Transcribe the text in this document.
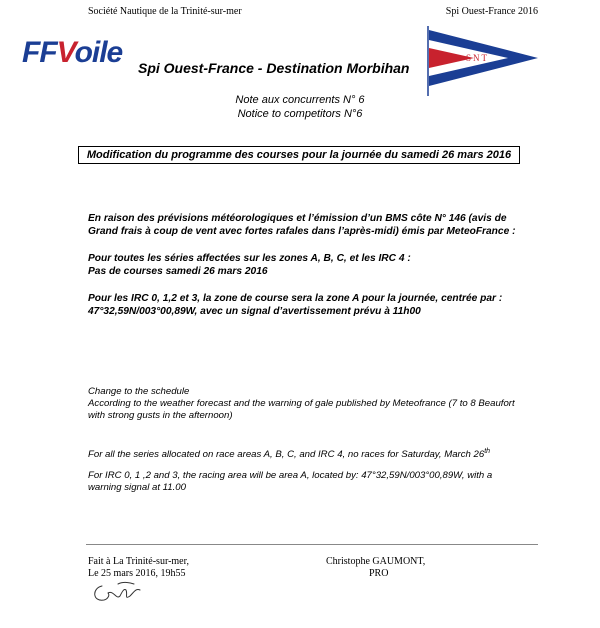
Société Nautique de la Trinité-sur-mer	Spi Ouest-France 2016
FFVoile Spi Ouest-France - Destination Morbihan
SNT
Note aux concurrents N° 6
Notice to competitors N°6
Modification du programme des courses pour la journée du samedi 26 mars 2016
En raison des prévisions météorologiques et l’émission d’un BMS côte N° 146 (avis de Grand frais à coup de vent avec fortes rafales dans l’après-midi) émis par MeteoFrance :
Pour toutes les séries affectées sur les zones A, B, C, et les IRC 4 :
Pas de courses samedi 26 mars 2016
Pour les IRC 0, 1,2 et 3, la zone de course sera la zone A pour la journée, centrée par : 47°32,59N/003°00,89W, avec un signal d’avertissement prévu à 11h00
Change to the schedule
According to the weather forecast and the warning of gale published by Meteofrance (7 to 8 Beaufort with strong gusts in the afternoon)
For all the series allocated on race areas A, B, C, and IRC 4, no races for Saturday, March 26th
For IRC 0, 1 ,2 and 3, the racing area will be area A, located by: 47°32,59N/003°00,89W, with a warning signal at 11.00
Fait à La Trinité-sur-mer,
Le 25 mars 2016, 19h55
Christophe GAUMONT,
PRO
